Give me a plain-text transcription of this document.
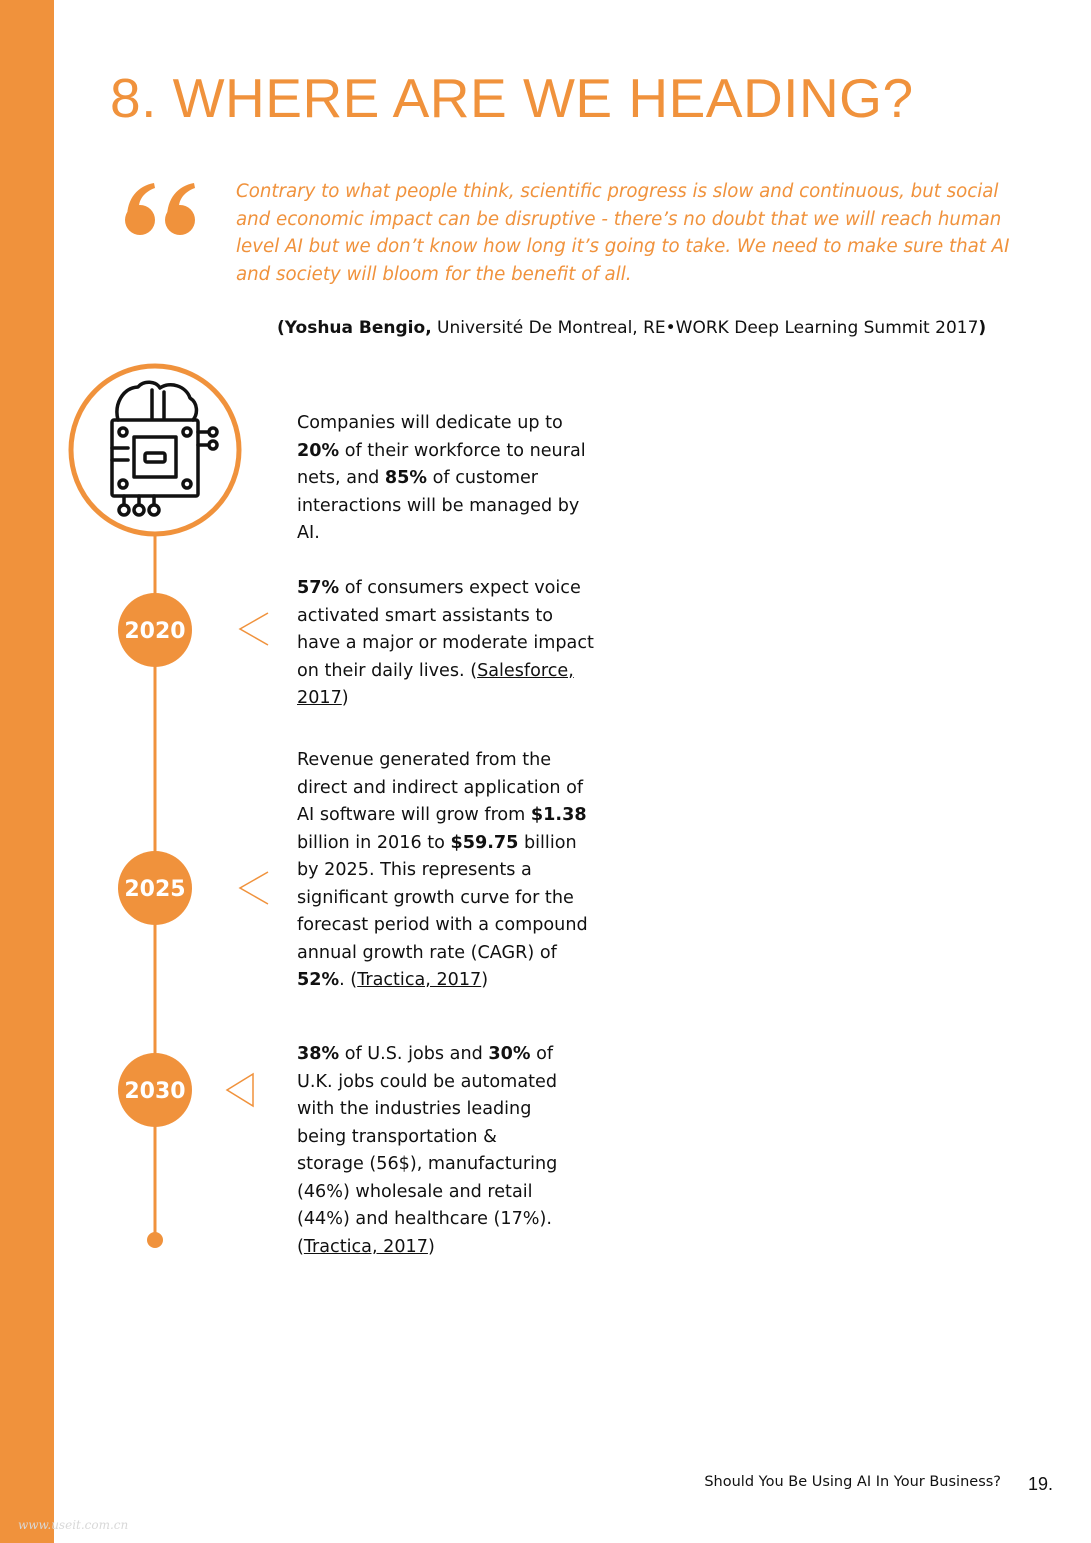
8. WHERE ARE WE HEADING?
Contrary to what people think, scientific progress is slow and continuous, but social and economic impact can be disruptive - there’s no doubt that we will reach human level AI but we don’t know how long it’s going to take. We need to make sure that AI and society will bloom for the benefit of all.
(Yoshua Bengio, Université De Montreal, RE•WORK Deep Learning Summit 2017)
2020
2025
2030
Companies will dedicate up to 20% of their workforce to neural nets, and 85% of customer interactions will be managed by AI.
57% of consumers expect voice activated smart assistants to have a major or moderate impact on their daily lives. (Salesforce, 2017)
Revenue generated from the direct and indirect application of AI software will grow from $1.38 billion in 2016 to $59.75 billion by 2025. This represents a significant growth curve for the forecast period with a compound annual growth rate (CAGR) of 52%. (Tractica, 2017)
38% of U.S. jobs and 30% of U.K. jobs could be automated with the industries leading being transportation & storage (56$), manufacturing (46%) wholesale and retail (44%) and healthcare (17%). (Tractica, 2017)
Should You Be Using AI In Your Business? 19.
www.useit.com.cn
